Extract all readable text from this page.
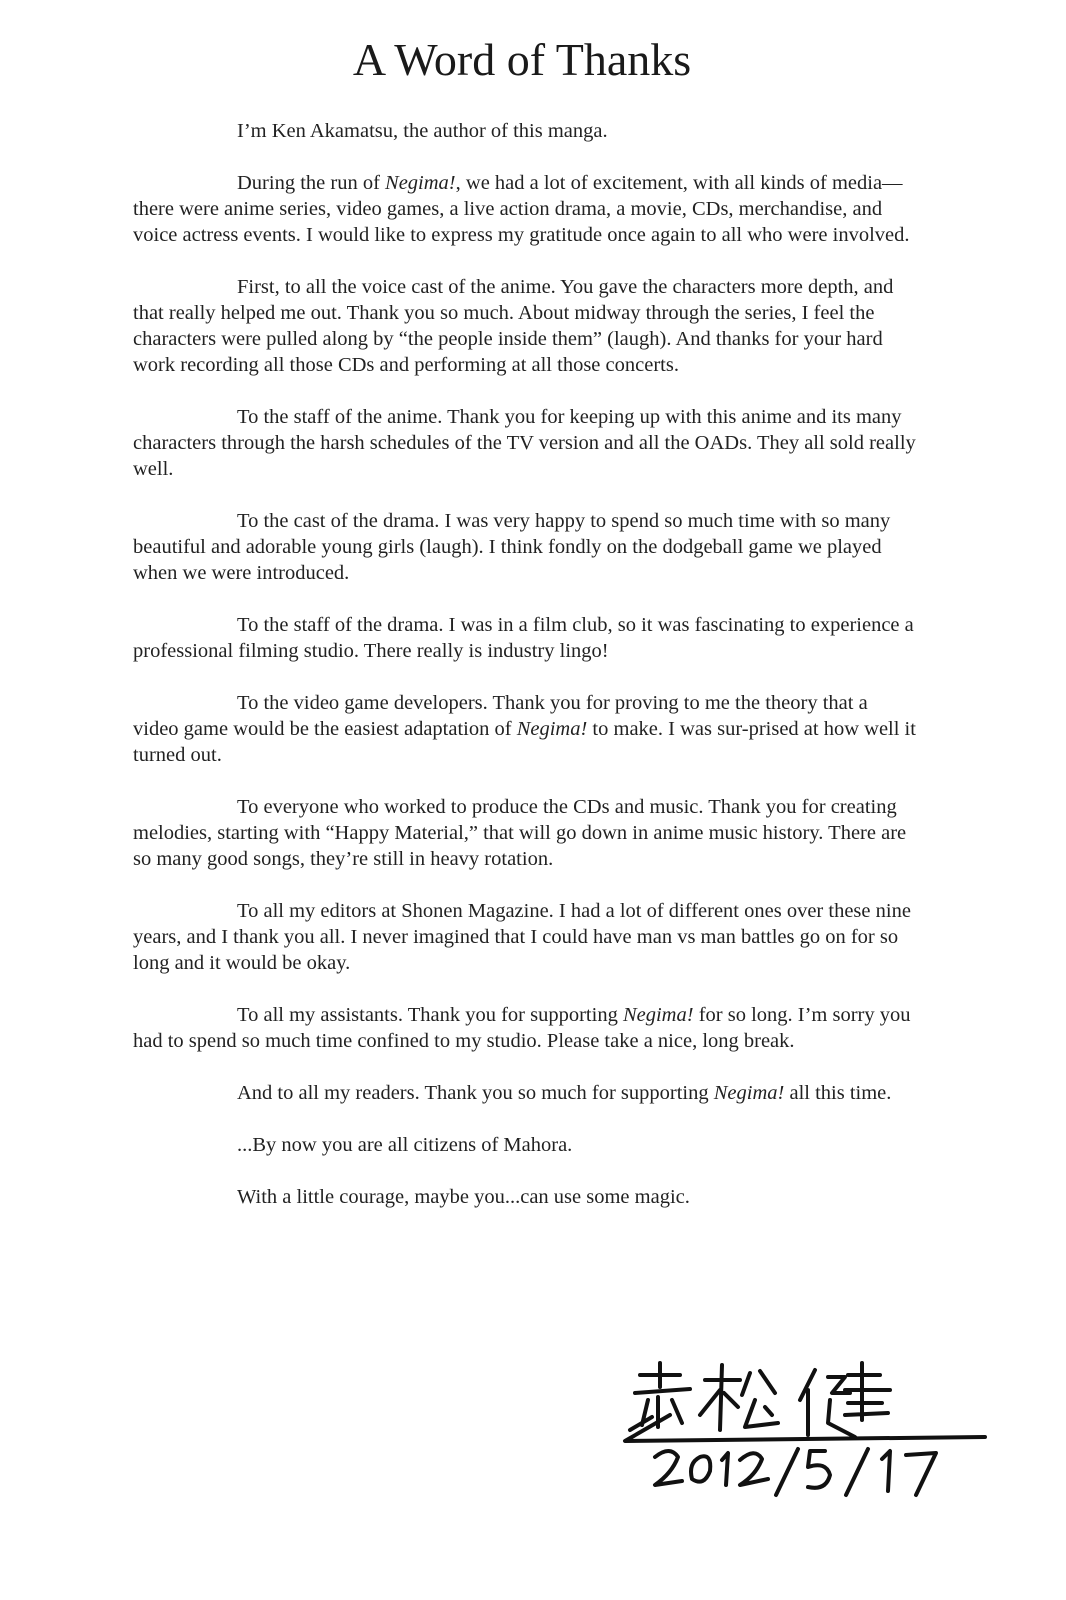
A Word of Thanks

I’m Ken Akamatsu, the author of this manga.

During the run of Negima!, we had a lot of excitement, with all kinds of media—there were anime series, video games, a live action drama, a movie, CDs, merchandise, and voice actress events. I would like to express my gratitude once again to all who were involved.

First, to all the voice cast of the anime. You gave the characters more depth, and that really helped me out. Thank you so much. About midway through the series, I feel the characters were pulled along by “the people inside them” (laugh). And thanks for your hard work recording all those CDs and performing at all those concerts.

To the staff of the anime. Thank you for keeping up with this anime and its many characters through the harsh schedules of the TV version and all the OADs. They all sold really well.

To the cast of the drama. I was very happy to spend so much time with so many beautiful and adorable young girls (laugh). I think fondly on the dodgeball game we played when we were introduced.

To the staff of the drama. I was in a film club, so it was fascinating to experience a professional filming studio. There really is industry lingo!

To the video game developers. Thank you for proving to me the theory that a video game would be the easiest adaptation of Negima! to make. I was sur-prised at how well it turned out.

To everyone who worked to produce the CDs and music. Thank you for creating melodies, starting with “Happy Material,” that will go down in anime music history. There are so many good songs, they’re still in heavy rotation.

To all my editors at Shonen Magazine. I had a lot of different ones over these nine years, and I thank you all. I never imagined that I could have man vs man battles go on for so long and it would be okay.

To all my assistants. Thank you for supporting Negima! for so long. I’m sorry you had to spend so much time confined to my studio. Please take a nice, long break.

And to all my readers. Thank you so much for supporting Negima! all this time.

...By now you are all citizens of Mahora.

With a little courage, maybe you...can use some magic.
